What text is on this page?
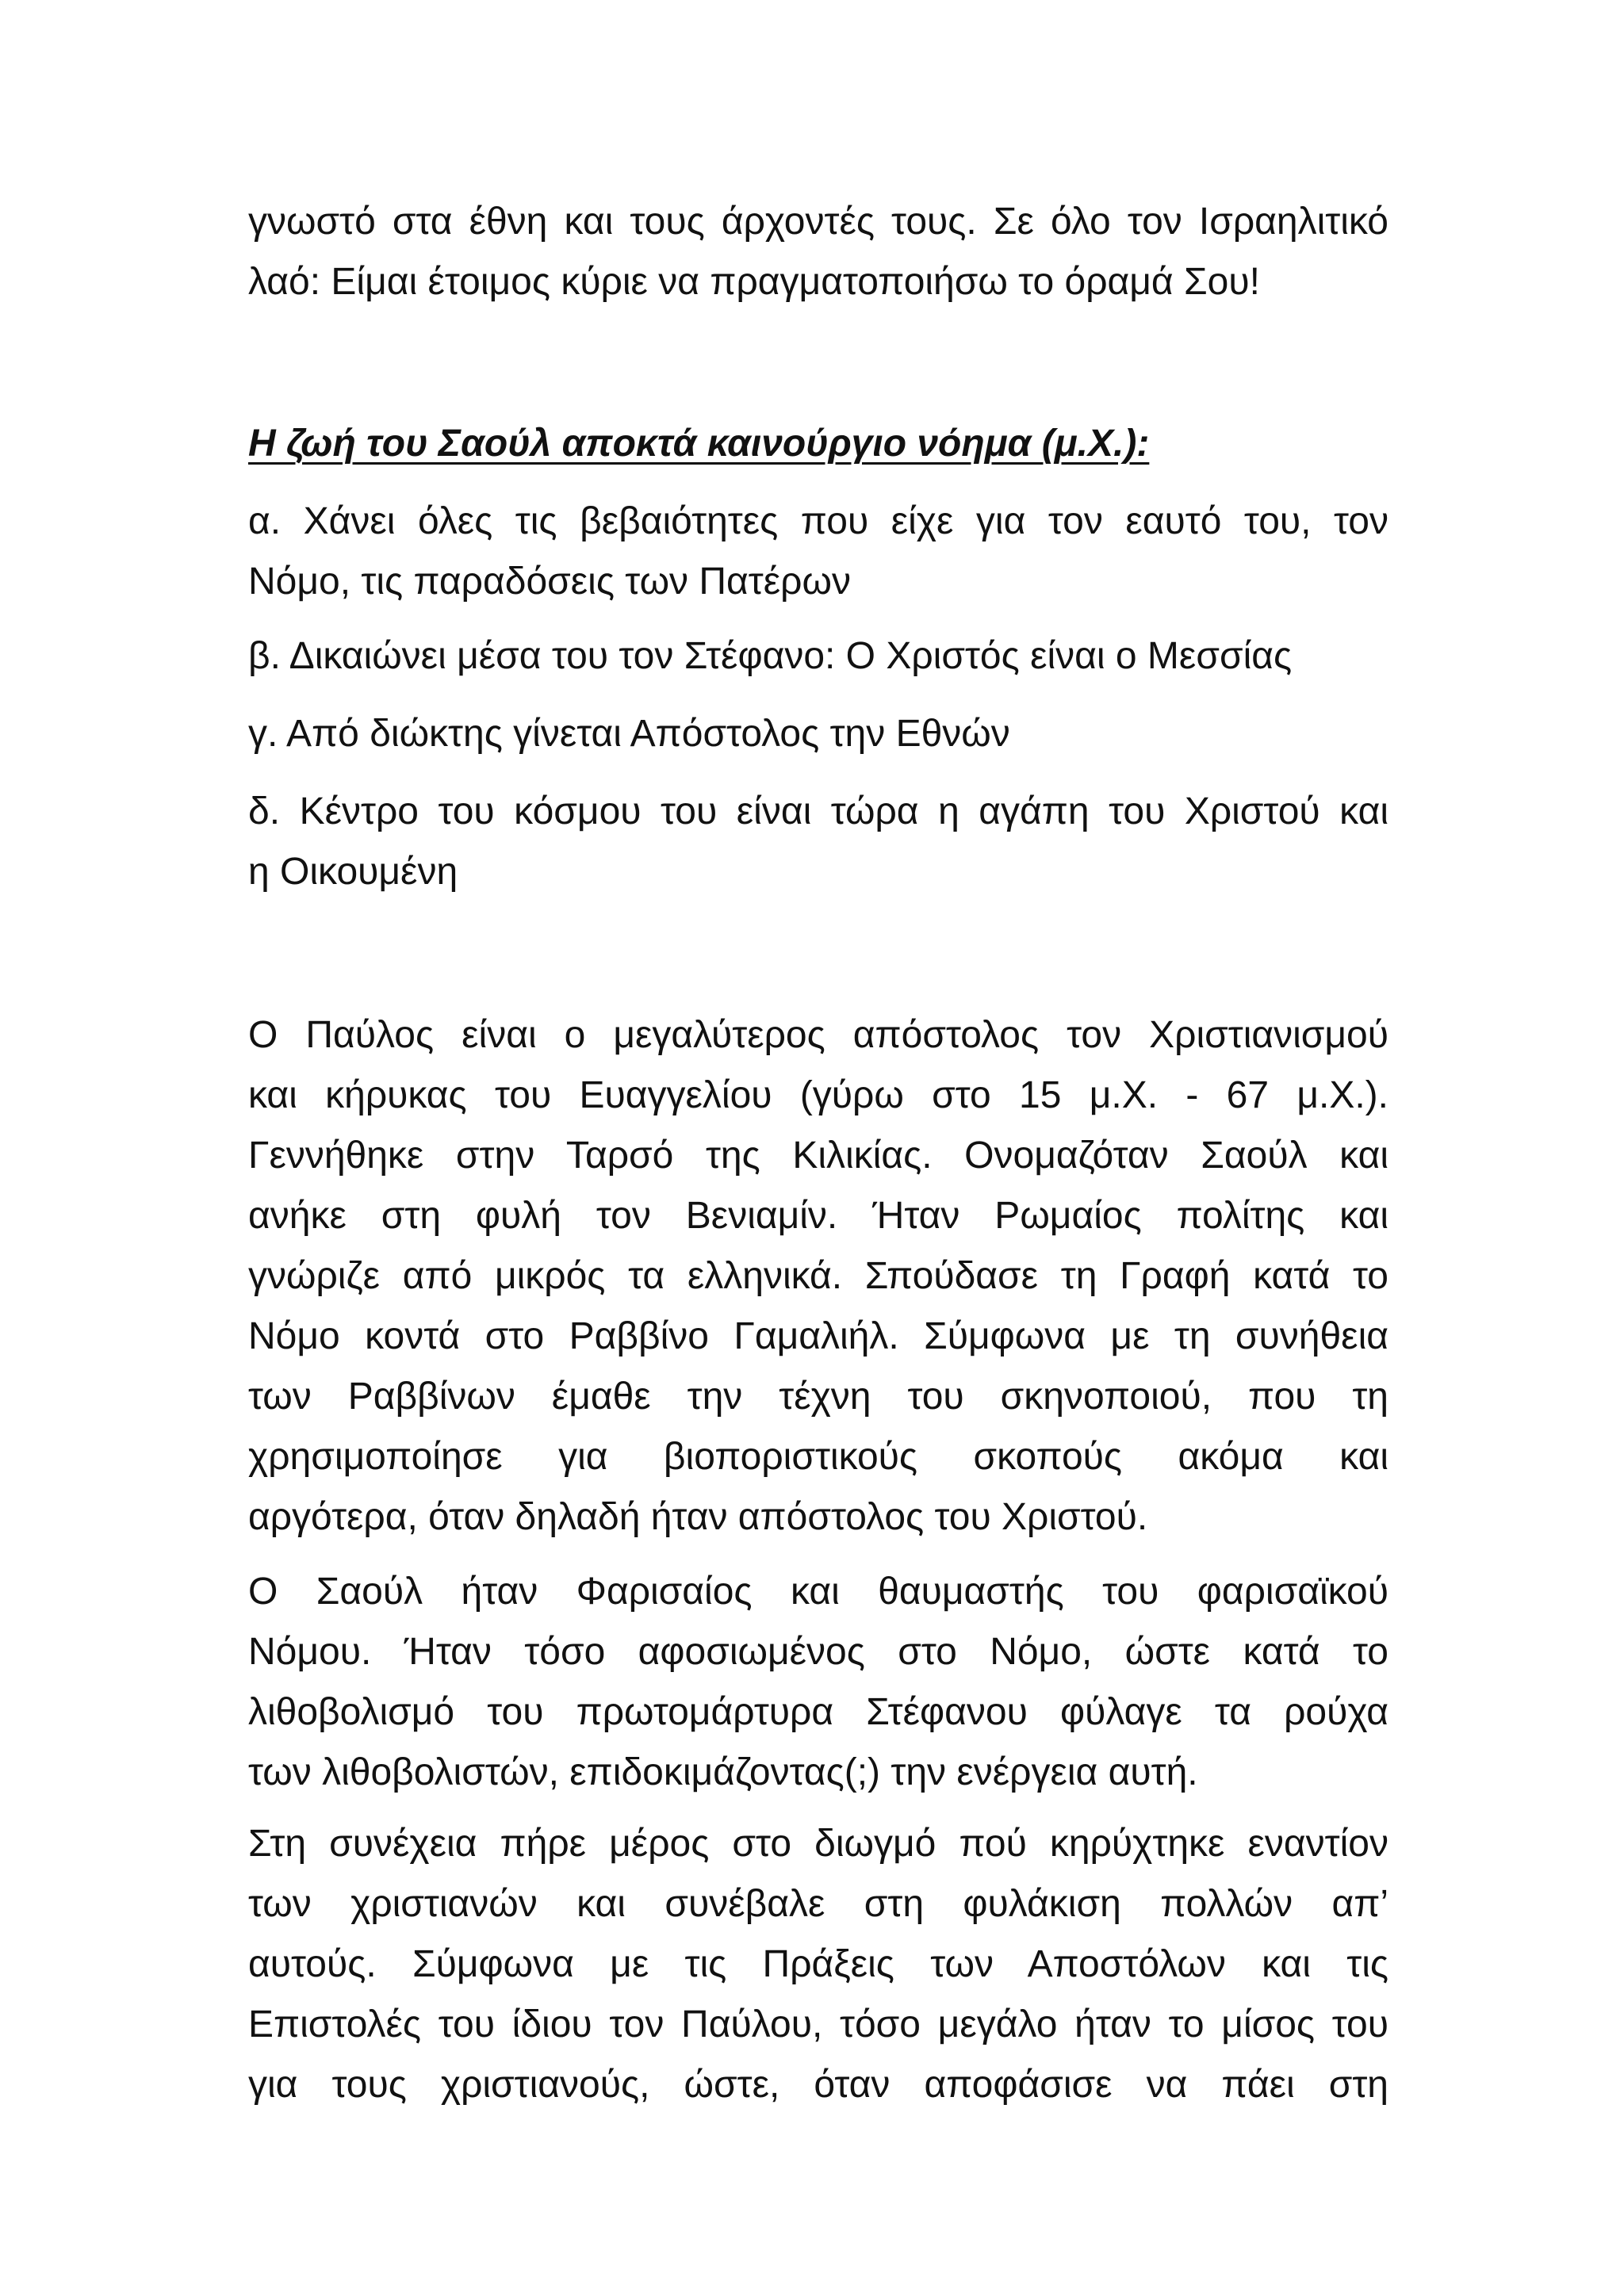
γνωστό στα έθνη και τους άρχοντές τους. Σε όλο τον Ισραηλιτικό

λαό: Είμαι έτοιμος κύριε να πραγματοποιήσω το όραμά Σου!

Η ζωή του Σαούλ αποκτά καινούργιο νόημα (μ.Χ.):

α. Χάνει όλες τις βεβαιότητες που είχε για τον εαυτό του, τον

Νόμο, τις παραδόσεις των Πατέρων

β. Δικαιώνει μέσα του τον Στέφανο: Ο Χριστός είναι ο Μεσσίας

γ. Από διώκτης γίνεται Απόστολος την Εθνών

δ. Κέντρο του κόσμου του είναι τώρα η αγάπη του Χριστού και

η Οικουμένη

Ο Παύλος είναι ο μεγαλύτερος απόστολος τον Χριστιανισμού

και κήρυκας του Ευαγγελίου (γύρω στο 15 μ.Χ. - 67 μ.Χ.).

Γεννήθηκε στην Ταρσό της Κιλικίας. Ονομαζόταν Σαούλ και

ανήκε στη φυλή τον Βενιαμίν. Ήταν Ρωμαίος πολίτης και

γνώριζε από μικρός τα ελληνικά. Σπούδασε τη Γραφή κατά το

Νόμο κοντά στο Ραββίνο Γαμαλιήλ. Σύμφωνα με τη συνήθεια

των Ραββίνων έμαθε την τέχνη του σκηνοποιού, που τη

χρησιμοποίησε για βιοποριστικούς σκοπούς ακόμα και

αργότερα, όταν δηλαδή ήταν απόστολος του Χριστού.

Ο Σαούλ ήταν Φαρισαίος και θαυμαστής του φαρισαϊκού

Νόμου. Ήταν τόσο αφοσιωμένος στο Νόμο, ώστε κατά το

λιθοβολισμό του πρωτομάρτυρα Στέφανου φύλαγε τα ρούχα

των λιθοβολιστών, επιδοκιμάζοντας(;) την ενέργεια αυτή.

Στη συνέχεια πήρε μέρος στο διωγμό πού κηρύχτηκε εναντίον

των χριστιανών και συνέβαλε στη φυλάκιση πολλών απ’

αυτούς. Σύμφωνα με τις Πράξεις των Αποστόλων και τις

Επιστολές του ίδιου τον Παύλου, τόσο μεγάλο ήταν το μίσος του

για τους χριστιανούς, ώστε, όταν αποφάσισε να πάει στη
